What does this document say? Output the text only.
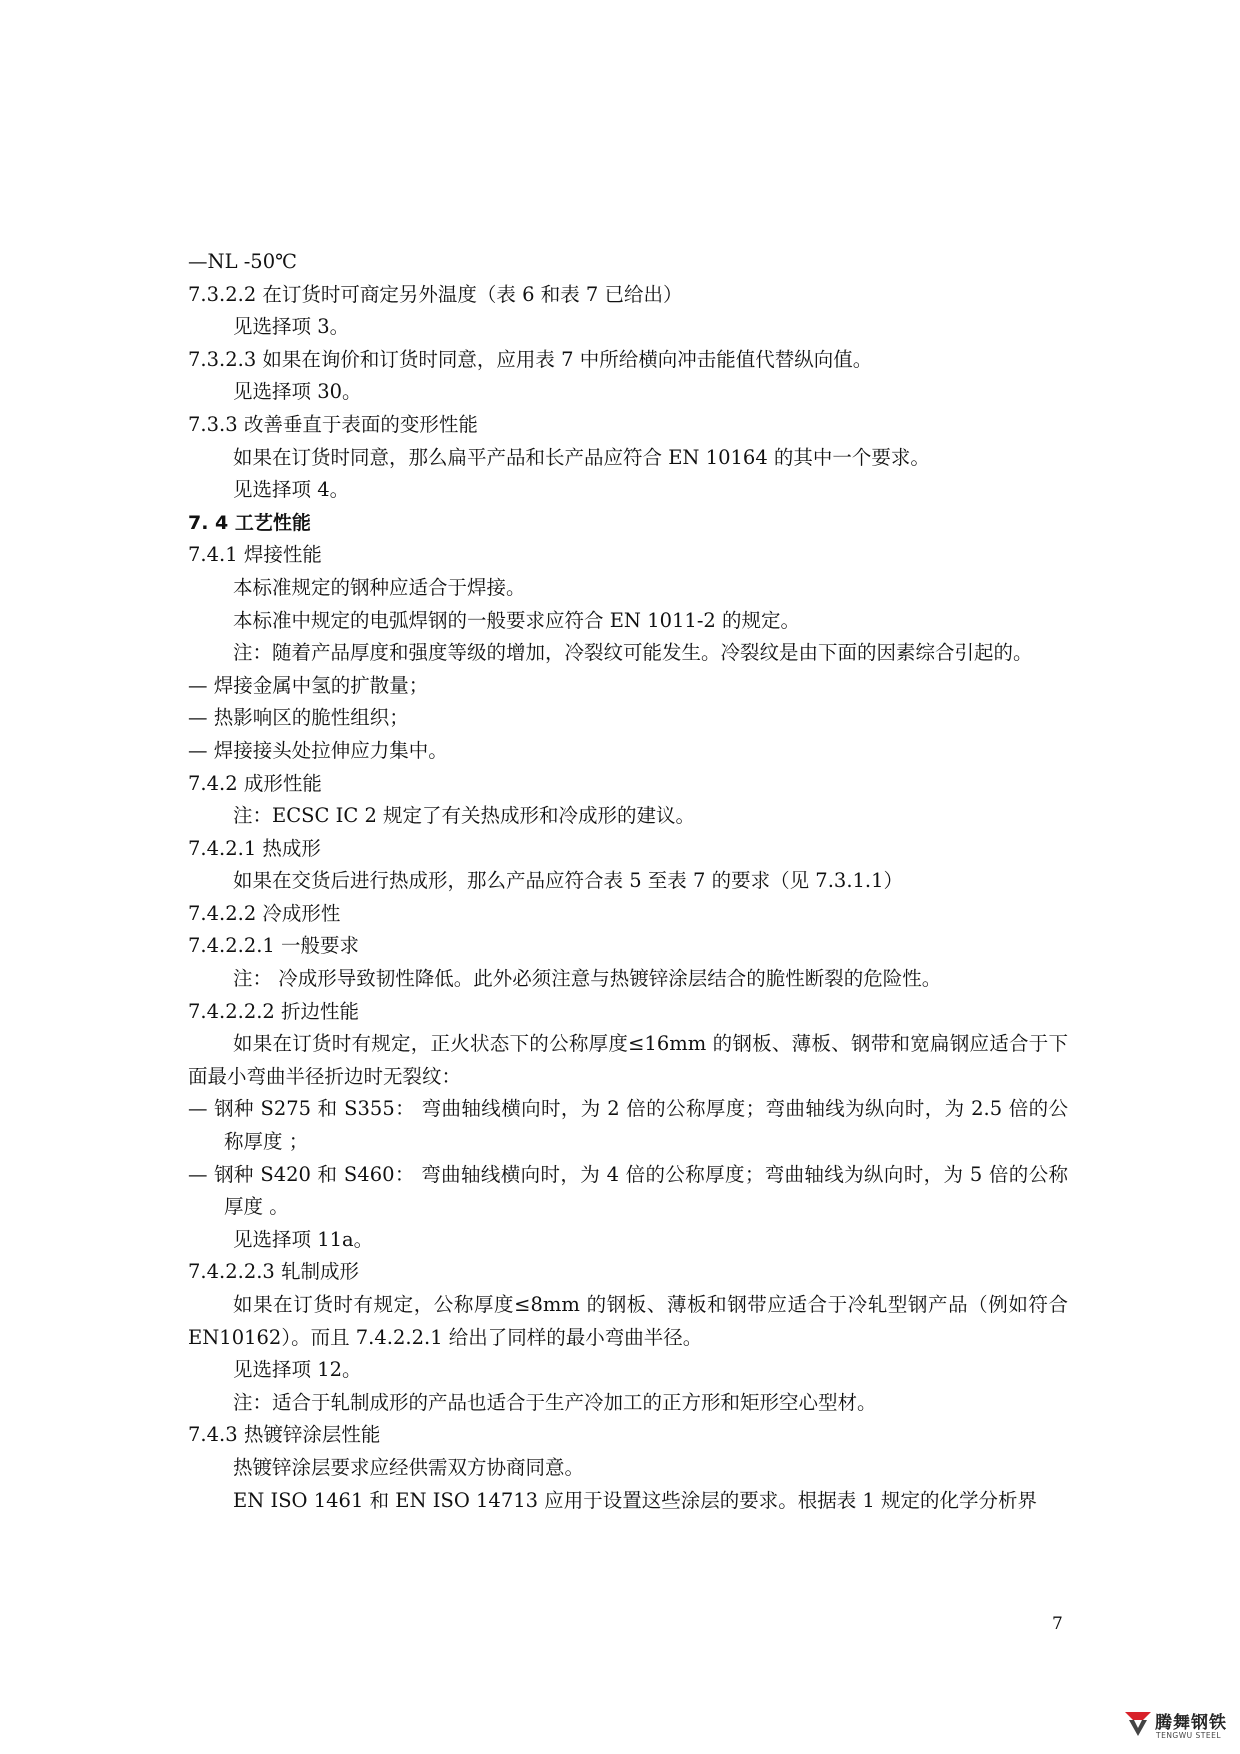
—NL -50℃
7.3.2.2 在订货时可商定另外温度（表 6 和表 7 已给出）
见选择项 3。
7.3.2.3 如果在询价和订货时同意，应用表 7 中所给横向冲击能值代替纵向值。
见选择项 30。
7.3.3 改善垂直于表面的变形性能
如果在订货时同意，那么扁平产品和长产品应符合 EN 10164 的其中一个要求。
见选择项 4。
7. 4 工艺性能
7.4.1 焊接性能
本标准规定的钢种应适合于焊接。
本标准中规定的电弧焊钢的一般要求应符合 EN 1011-2 的规定。
注：随着产品厚度和强度等级的增加，冷裂纹可能发生。冷裂纹是由下面的因素综合引起的。
— 焊接金属中氢的扩散量；
— 热影响区的脆性组织；
— 焊接接头处拉伸应力集中。
7.4.2 成形性能
注：ECSC IC 2 规定了有关热成形和冷成形的建议。
7.4.2.1 热成形
如果在交货后进行热成形，那么产品应符合表 5 至表 7 的要求（见 7.3.1.1）
7.4.2.2 冷成形性
7.4.2.2.1 一般要求
注： 冷成形导致韧性降低。此外必须注意与热镀锌涂层结合的脆性断裂的危险性。
7.4.2.2.2 折边性能
如果在订货时有规定，正火状态下的公称厚度≤16mm 的钢板、薄板、钢带和宽扁钢应适合于下面最小弯曲半径折边时无裂纹：
— 钢种 S275 和 S355： 弯曲轴线横向时，为 2 倍的公称厚度；弯曲轴线为纵向时，为 2.5 倍的公称厚度 ；
— 钢种 S420 和 S460： 弯曲轴线横向时，为 4 倍的公称厚度；弯曲轴线为纵向时，为 5 倍的公称厚度 。
见选择项 11a。
7.4.2.2.3 轧制成形
如果在订货时有规定，公称厚度≤8mm 的钢板、薄板和钢带应适合于冷轧型钢产品（例如符合 EN10162）。而且 7.4.2.2.1 给出了同样的最小弯曲半径。
见选择项 12。
注：适合于轧制成形的产品也适合于生产冷加工的正方形和矩形空心型材。
7.4.3 热镀锌涂层性能
热镀锌涂层要求应经供需双方协商同意。
EN ISO 1461 和 EN ISO 14713 应用于设置这些涂层的要求。根据表 1 规定的化学分析界
7
腾舞钢铁
TENGWU STEEL
